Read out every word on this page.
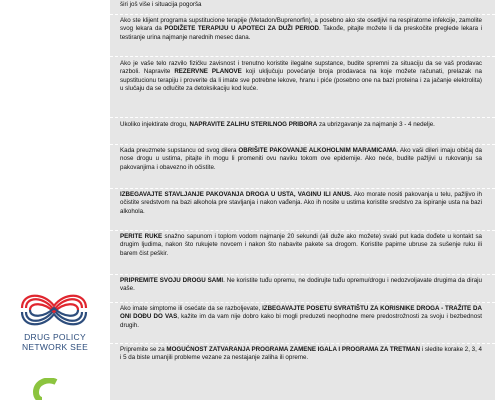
širi još više i situacija pogorša
Ako ste klijent programa supstitucione terapije (Metadon/Buprenorfin), a posebno ako ste osetljivi na respiratorne infekcije, zamolite svog lekara da PODIŽETE TERAPIJU U APOTECI ZA DUŽI PERIOD. Takođe, pitajte možete li da preskočite preglede lekara i testiranje urina najmanje narednih mesec dana.
Ako je vaše telo razvilo fizičku zavisnost i trenutno koristite ilegalne supstance, budite spremni za situaciju da se vaš prodavac razboli. Napravite REZERVNE PLANOVE koji uključuju povećanje broja prodavaca na koje možete računati, prelazak na supstitucionu terapiju i proverite da li imate sve potrebne lekove, hranu i piće (posebno one na bazi proteina i za jačanje elektrolita) u slučaju da se odlučite za detoksikaciju kod kuće.
Ukoliko injektirate drogu, NAPRAVITE ZALIHU STERILNOG PRIBORA za ubrizgavanje za najmanje 3 - 4 nedelje.
Kada preuzmete supstancu od svog dilera OBRIŠITE PAKOVANJE ALKOHOLNIM MARAMICAMA. Ako vaši dileri imaju običaj da nose drogu u ustima, pitajte ih mogu li promeniti ovu naviku tokom ove epidemije. Ako neće, budite pažljivi u rukovanju sa pakovanjima i obavezno ih očistite.
IZBEGAVAJTE STAVLJANJE PAKOVANJA DROGA U USTA, VAGINU ILI ANUS. Ako morate nositi pakovanja u telu, pažljivo ih očistite sredstvom na bazi alkohola pre stavljanja i nakon vađenja. Ako ih nosite u ustima koristite sredstvo za ispiranje usta na bazi alkohola.
PERITE RUKE snažno sapunom i toplom vodom najmanje 20 sekundi (ali duže ako možete) svaki put kada dođete u kontakt sa drugim ljudima, nakon što rukujete novcem i nakon što nabavite pakete sa drogom. Koristite papirne ubruse za sušenje ruku ili barem čist peškir.
PRIPREMITE SVOJU DROGU SAMI. Ne koristite tuđu opremu, ne dodirujte tuđu opremu/drogu i nedozvoljavate drugima da diraju vaše.
Ako imate simptome ili osećate da se razboljevate, IZBEGAVAJTE POSETU SVRATIŠTU ZA KORISNIKE DROGA - TRAŽITE DA ONI DOĐU DO VAS, kažite im da vam nije dobro kako bi mogli preduzeti neophodne mere predostrožnosti za svoju i bezbednost drugih.
Pripremite se za MOGUĆNOST ZATVARANJA PROGRAMA ZAMENE IGALA I PROGRAMA ZA TRETMAN i sledite korake 2, 3, 4 i 5 da biste umanjili probleme vezane za nestajanje zaliha ili opreme.
DRUG POLICY
NETWORK SEE
